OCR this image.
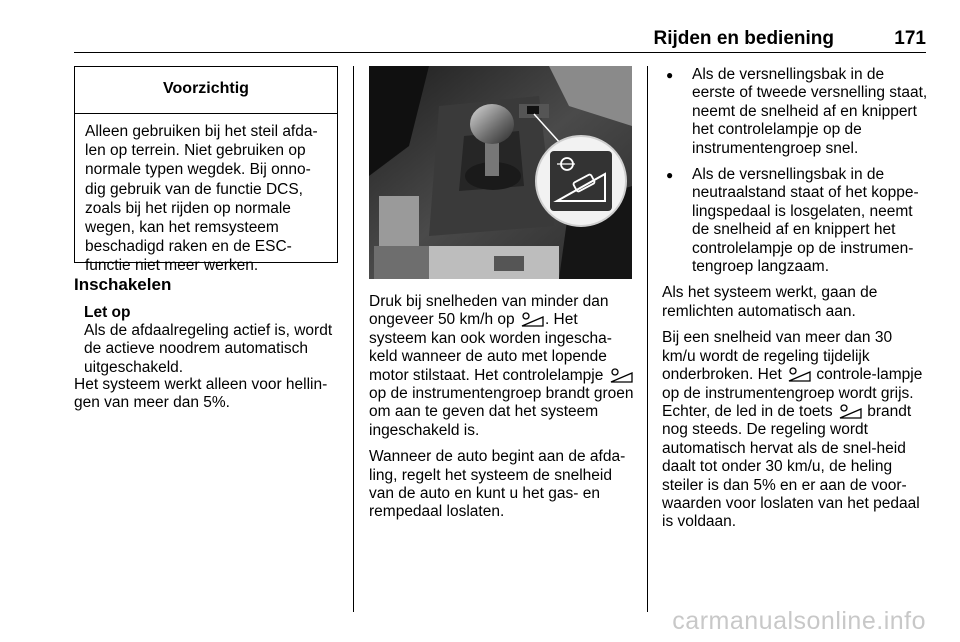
Rijden en bediening	171
Voorzichtig
Alleen gebruiken bij het steil afda-len op terrein. Niet gebruiken op normale typen wegdek. Bij onno-dig gebruik van de functie DCS, zoals bij het rijden op normale wegen, kan het remsysteem beschadigd raken en de ESC-functie niet meer werken.
Inschakelen
Let op
Als de afdaalregeling actief is, wordt de actieve noodrem automatisch uitgeschakeld.

Het systeem werkt alleen voor hellin-gen van meer dan 5%.

Druk bij snelheden van minder dan ongeveer 50 km/h op . Het systeem kan ook worden ingescha-keld wanneer de auto met lopende motor stilstaat. Het controlelampje  op de instrumentengroep brandt groen om aan te geven dat het systeem ingeschakeld is.

Wanneer de auto begint aan de afda-ling, regelt het systeem de snelheid van de auto en kunt u het gas- en rempedaal loslaten.

● Als de versnellingsbak in de eerste of tweede versnelling staat, neemt de snelheid af en knippert het controlelampje op de instrumentengroep snel.
● Als de versnellingsbak in de neutraalstand staat of het koppe-lingspedaal is losgelaten, neemt de snelheid af en knippert het controlelampje op de instrumen-tengroep langzaam.

Als het systeem werkt, gaan de remlichten automatisch aan.

Bij een snelheid van meer dan 30 km/u wordt de regeling tijdelijk onderbroken. Het controle-lampje op de instrumentengroep wordt grijs. Echter, de led in de toets brandt nog steeds. De regeling wordt automatisch hervat als de snel-heid daalt tot onder 30 km/u, de heling steiler is dan 5% en er aan de voor-waarden voor loslaten van het pedaal is voldaan.

carmanualsonline.info
